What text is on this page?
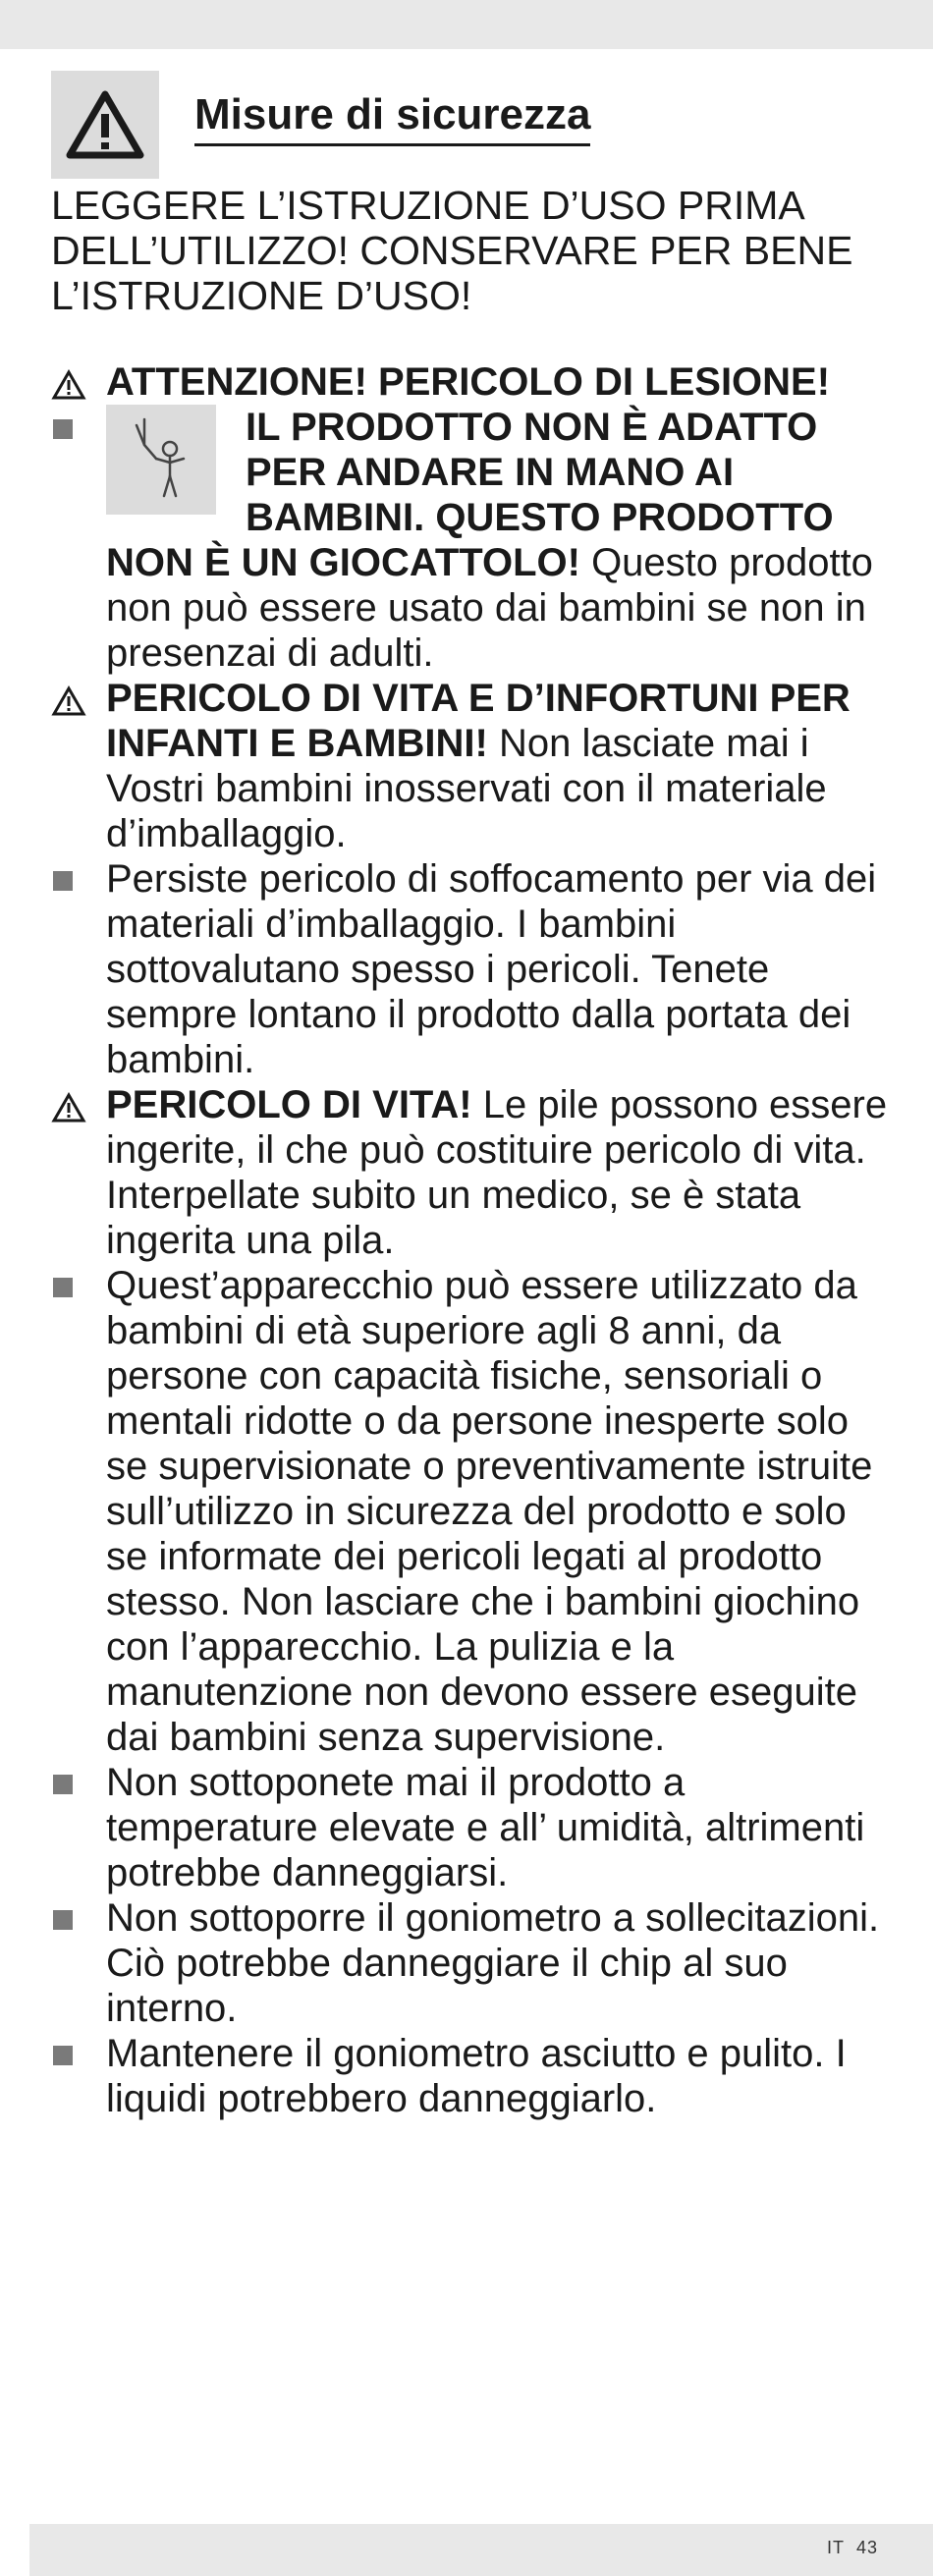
Misure di sicurezza

LEGGERE L’ISTRUZIONE D’USO PRIMA DELL’UTILIZZO! CONSERVARE PER BENE L’ISTRUZIONE D’USO!

ATTENZIONE! PERICOLO DI LESIONE!
IL PRODOTTO NON È ADATTO PER ANDARE IN MANO AI BAMBINI. QUESTO PRODOTTO NON È UN GIOCATTOLO! Questo prodotto non può essere usato dai bambini se non in presenzai di adulti.
PERICOLO DI VITA E D’INFORTUNI PER INFANTI E BAMBINI! Non lasciate mai i Vostri bambini inosservati con il materiale d’imballaggio.
Persiste pericolo di soffocamento per via dei materiali d’imballaggio. I bambini sottovalutano spesso i pericoli. Tenete sempre lontano il prodotto dalla portata dei bambini.
PERICOLO DI VITA! Le pile possono essere ingerite, il che può costituire pericolo di vita. Interpellate subito un medico, se è stata ingerita una pila.
Quest’apparecchio può essere utilizzato da bambini di età superiore agli 8 anni, da persone con capacità fisiche, sensoriali o mentali ridotte o da persone inesperte solo se supervisionate o preventivamente istruite sull’utilizzo in sicurezza del prodotto e solo se informate dei pericoli legati al prodotto stesso. Non lasciare che i bambini giochino con l’apparecchio. La pulizia e la manutenzione non devono essere eseguite dai bambini senza supervisione.
Non sottoponete mai il prodotto a temperature elevate e all’ umidità, altrimenti potrebbe danneggiarsi.
Non sottoporre il goniometro a sollecitazioni. Ciò potrebbe danneggiare il chip al suo interno.
Mantenere il goniometro asciutto e pulito. I liquidi potrebbero danneggiarlo.
IT 43
